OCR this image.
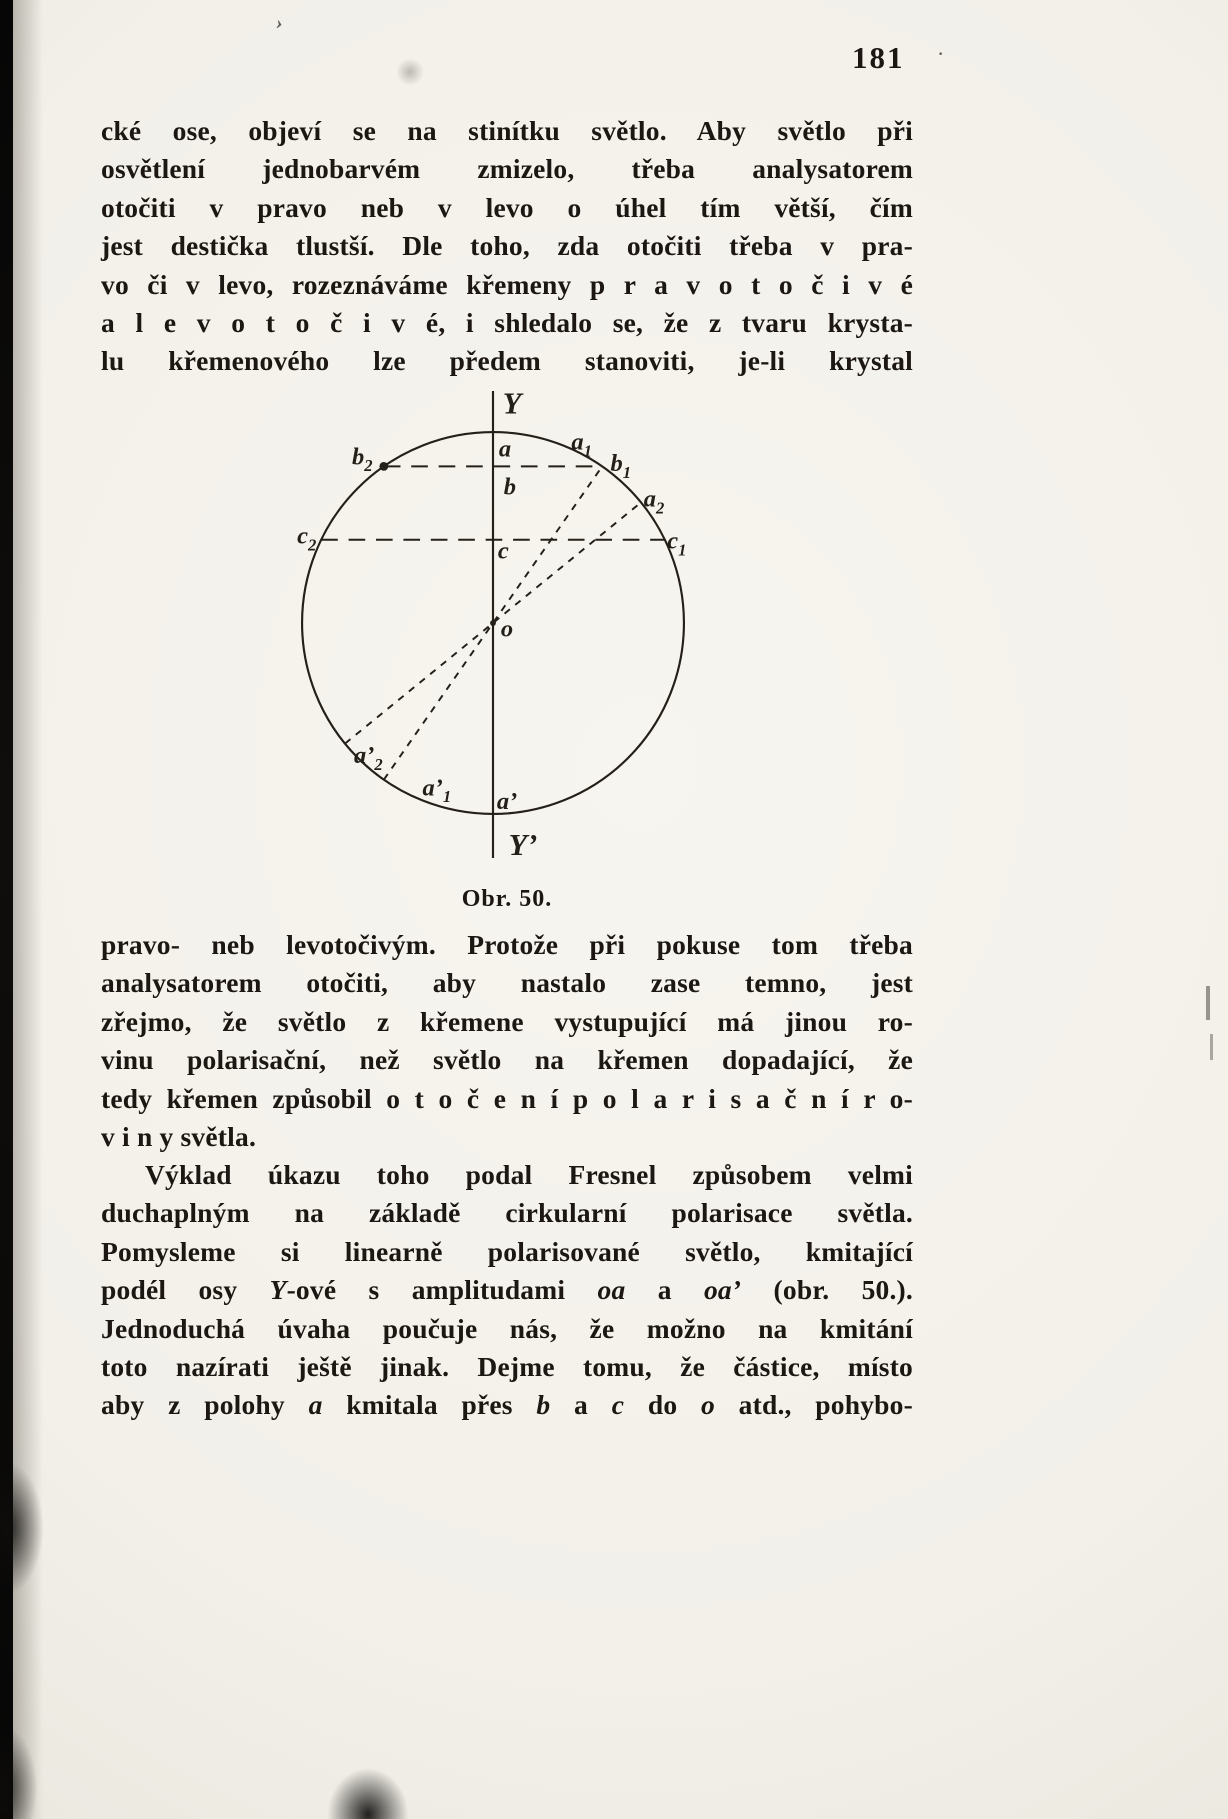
›
·
181
cké ose, objeví se na stinítku světlo. Aby světlo při
osvětlení jednobarvém zmizelo, třeba analysatorem
otočiti v pravo neb v levo o úhel tím větší, čím
jest destička tlustší. Dle toho, zda otočiti třeba v pra-
vo či v levo, rozeznáváme křemeny p r a v o t o č i v é
a l e v o t o č i v é, i shledalo se, že z tvaru krysta-
lu křemenového lze předem stanoviti, je-li krystal
Y
Y’
a
b
c
o
a’
$a_1$ $b_1$
$a_2$
$b_2$
$c_2$	$c_1$
$a’_2$
$a’_1$
Obr. 50.
pravo- neb levotočivým. Protože při pokuse tom třeba
analysatorem otočiti, aby nastalo zase temno, jest
zřejmo, že světlo z křemene vystupující má jinou ro-
vinu polarisační, než světlo na křemen dopadající, že
tedy křemen způsobil o t o č e n í p o l a r i s a č n í r o-
v i n y světla.
Výklad úkazu toho podal Fresnel způsobem velmi
duchaplným na základě cirkularní polarisace světla.
Pomysleme si linearně polarisované světlo, kmitající
podél osy Y-ové s amplitudami oa a oa’ (obr. 50.).
Jednoduchá úvaha poučuje nás, že možno na kmitání
toto nazírati ještě jinak. Dejme tomu, že částice, místo
aby z polohy a kmitala přes b a c do o atd., pohybo-
